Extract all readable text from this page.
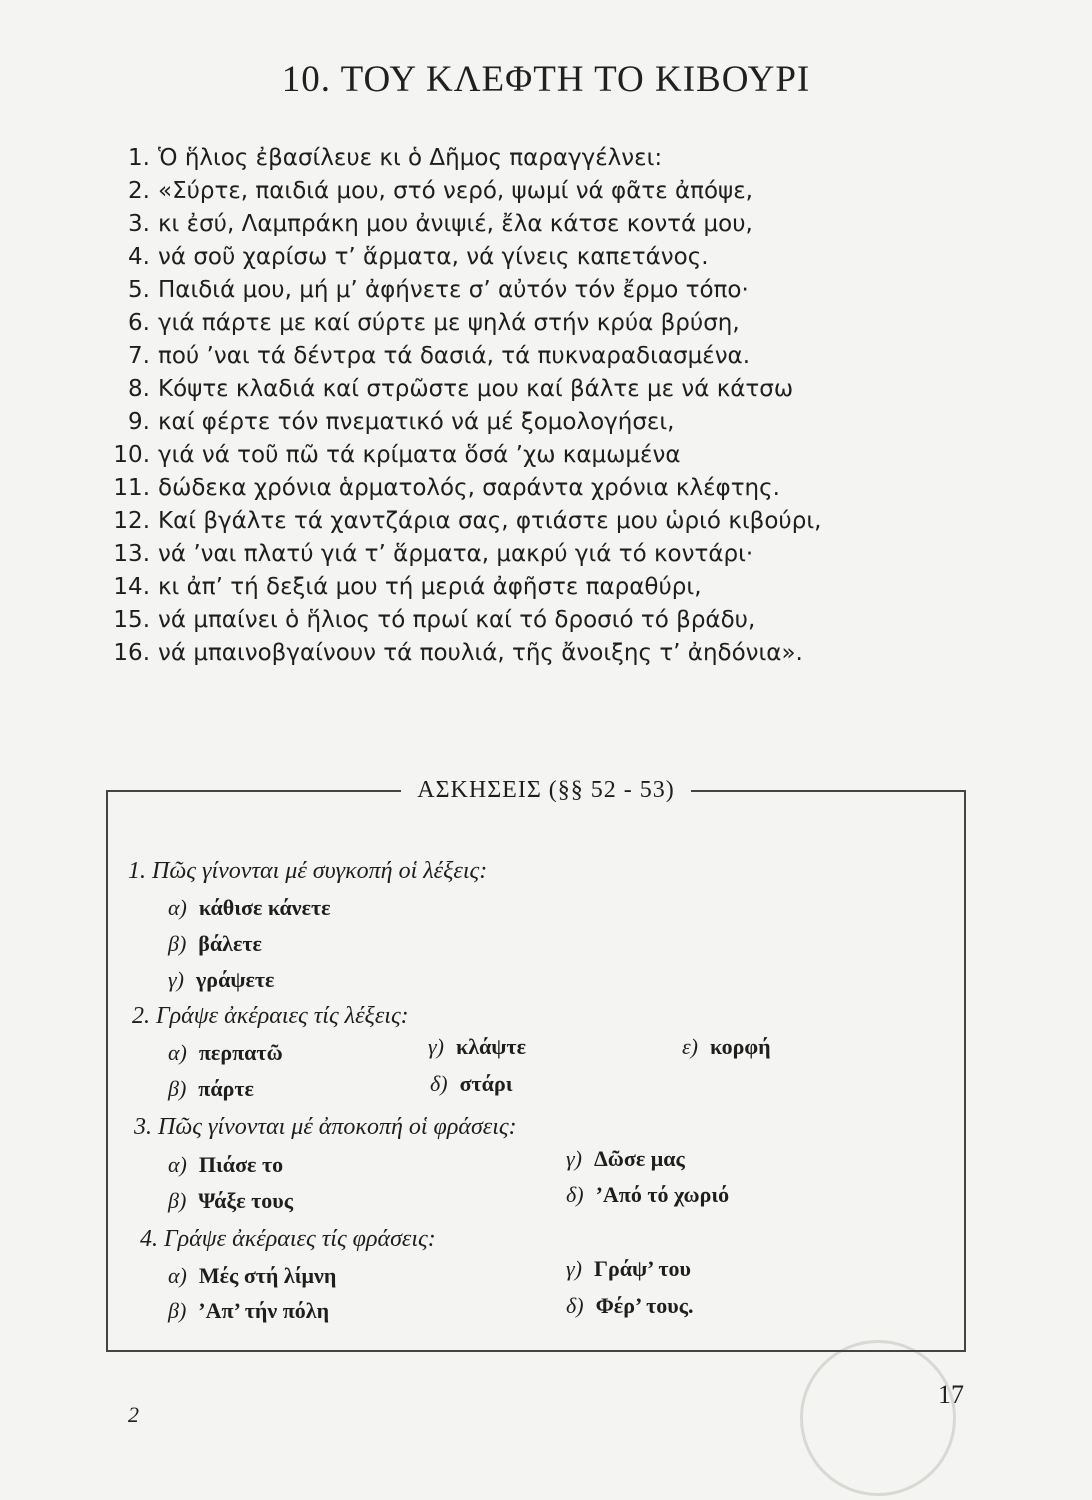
10. ΤΟΥ ΚΛΕΦΤΗ ΤΟ ΚΙΒΟΥΡΙ
1. Ὁ ἥλιος ἐβασίλευε κι ὁ Δῆμος παραγγέλνει:
2. «Σύρτε, παιδιά μου, στό νερό, ψωμί νά φᾶτε ἀπόψε,
3. κι ἐσύ, Λαμπράκη μου ἀνιψιέ, ἔλα κάτσε κοντά μου,
4. νά σοῦ χαρίσω τ’ ἅρματα, νά γίνεις καπετάνος.
5. Παιδιά μου, μή μ’ ἀφήνετε σ’ αὐτόν τόν ἔρμο τόπο·
6. γιά πάρτε με καί σύρτε με ψηλά στήν κρύα βρύση,
7. πού ’ναι τά δέντρα τά δασιά, τά πυκναραδιασμένα.
8. Κόψτε κλαδιά καί στρῶστε μου καί βάλτε με νά κάτσω
9. καί φέρτε τόν πνεματικό νά μέ ξομολογήσει,
10. γιά νά τοῦ πῶ τά κρίματα ὅσά ’χω καμωμένα
11. δώδεκα χρόνια ἁρματολός, σαράντα χρόνια κλέφτης.
12. Καί βγάλτε τά χαντζάρια σας, φτιάστε μου ὡριό κιβούρι,
13. νά ’ναι πλατύ γιά τ’ ἅρματα, μακρύ γιά τό κοντάρι·
14. κι ἀπ’ τή δεξιά μου τή μεριά ἀφῆστε παραθύρι,
15. νά μπαίνει ὁ ἥλιος τό πρωί καί τό δροσιό τό βράδυ,
16. νά μπαινοβγαίνουν τά πουλιά, τῆς ἄνοιξης τ’ ἀηδόνια».
ΑΣΚΗΣΕΙΣ (§§ 52 - 53)
1. Πῶς γίνονται μέ συγκοπή οἱ λέξεις:
α) κάθισε κάνετε
β) βάλετε
γ) γράψετε
2. Γράψε ἀκέραιες τίς λέξεις:
α) περπατῶ	γ) κλάψτε	ε) κορφή
β) πάρτε	δ) στάρι
3. Πῶς γίνονται μέ ἀποκοπή οἱ φράσεις:
α) Πιάσε το	γ) Δῶσε μας
β) Ψάξε τους	δ) ’Από τό χωριό
4. Γράψε ἀκέραιες τίς φράσεις:
α) Μές στή λίμνη	γ) Γράψ’ του
β) ’Απ’ τήν πόλη	δ) Φέρ’ τους.
2
17
